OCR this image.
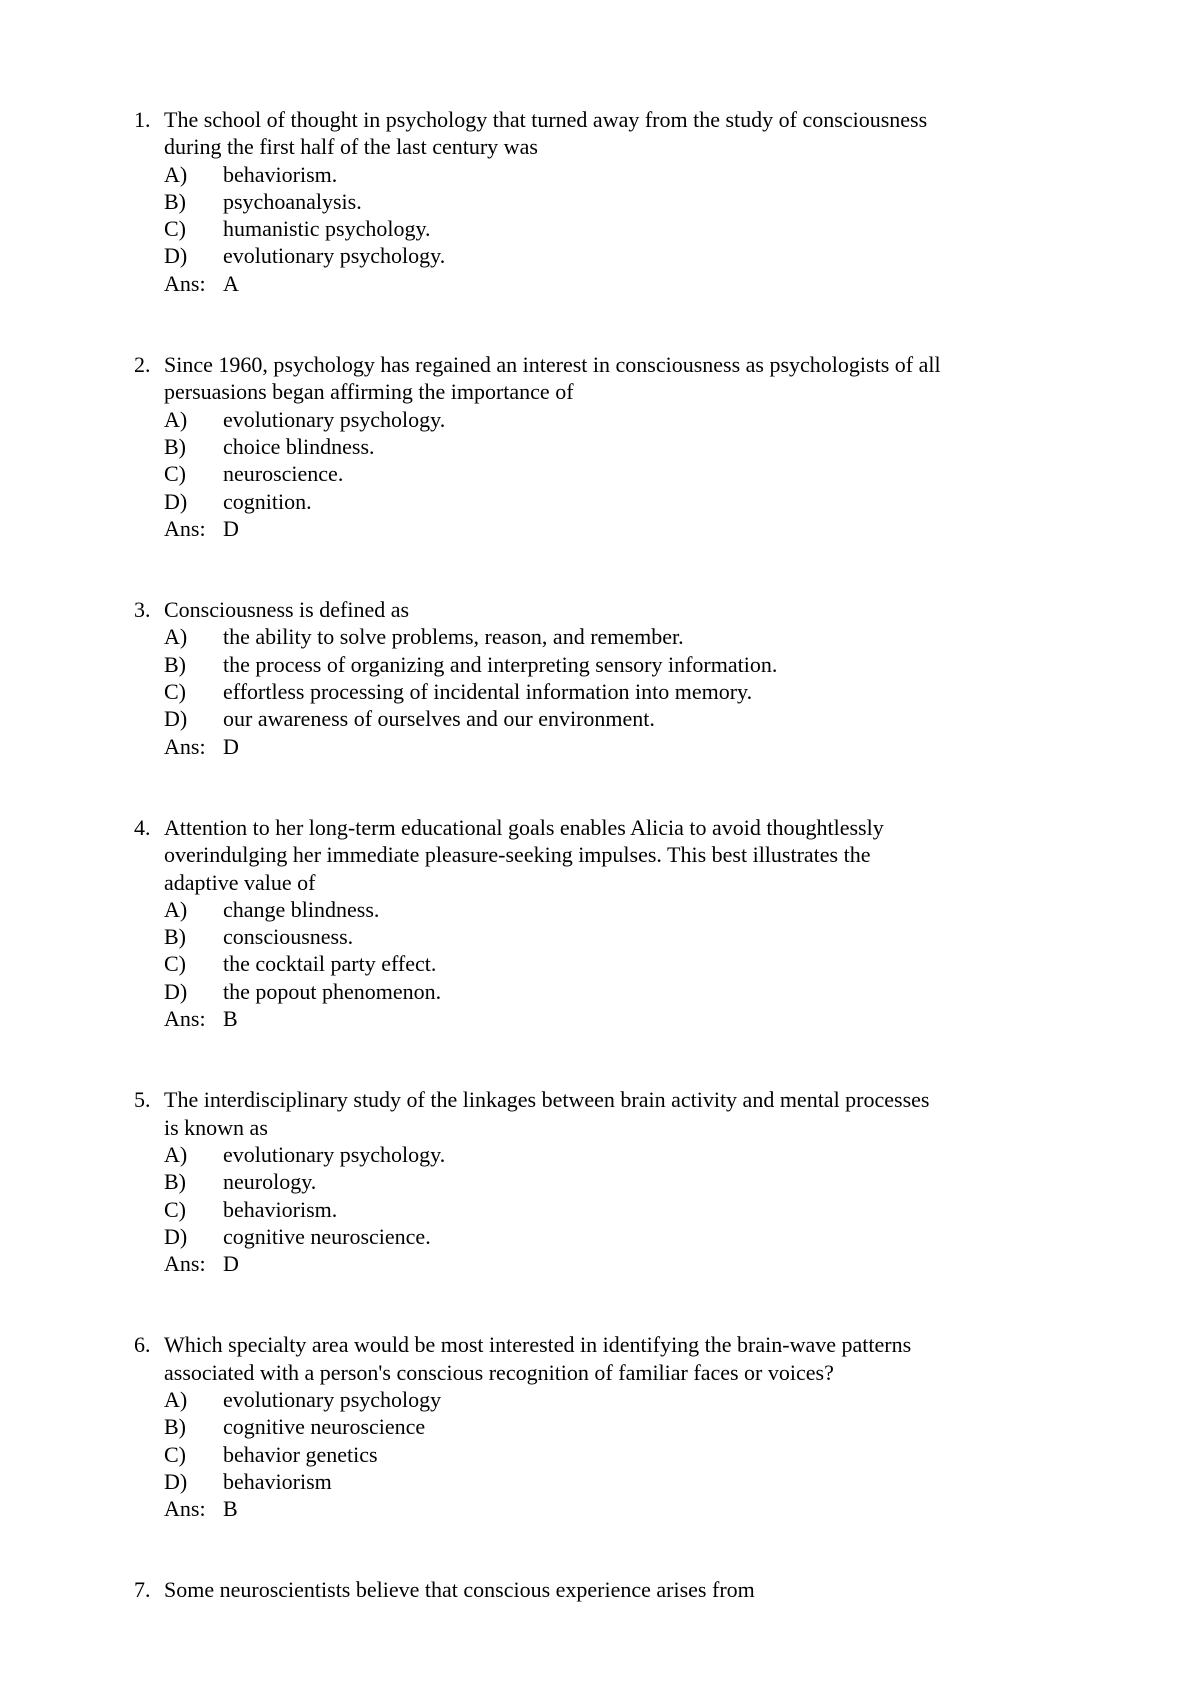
1. The school of thought in psychology that turned away from the study of consciousness
during the first half of the last century was
A)	behaviorism.
B)	psychoanalysis.
C)	humanistic psychology.
D)	evolutionary psychology.
Ans: A
2. Since 1960, psychology has regained an interest in consciousness as psychologists of all
persuasions began affirming the importance of
A)	evolutionary psychology.
B)	choice blindness.
C)	neuroscience.
D)	cognition.
Ans: D
3. Consciousness is defined as
A)	the ability to solve problems, reason, and remember.
B)	the process of organizing and interpreting sensory information.
C)	effortless processing of incidental information into memory.
D)	our awareness of ourselves and our environment.
Ans: D
4. Attention to her long-term educational goals enables Alicia to avoid thoughtlessly
overindulging her immediate pleasure-seeking impulses. This best illustrates the
adaptive value of
A)	change blindness.
B)	consciousness.
C)	the cocktail party effect.
D)	the popout phenomenon.
Ans: B
5. The interdisciplinary study of the linkages between brain activity and mental processes
is known as
A)	evolutionary psychology.
B)	neurology.
C)	behaviorism.
D)	cognitive neuroscience.
Ans: D
6. Which specialty area would be most interested in identifying the brain-wave patterns
associated with a person's conscious recognition of familiar faces or voices?
A)	evolutionary psychology
B)	cognitive neuroscience
C)	behavior genetics
D)	behaviorism
Ans: B
7. Some neuroscientists believe that conscious experience arises from
